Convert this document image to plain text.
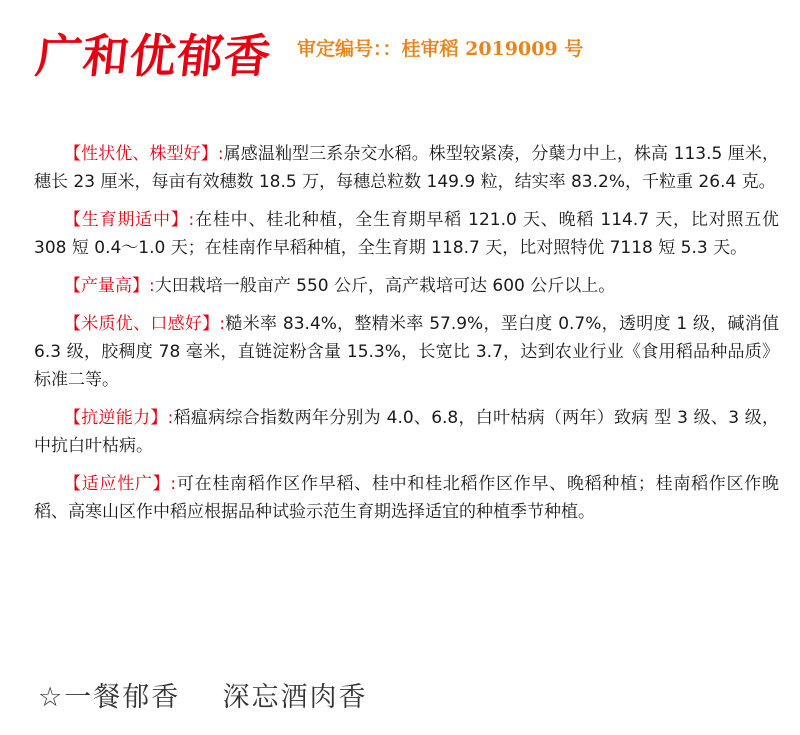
广和优郁香 审定编号：：桂审稻 2019009 号

【性状优、株型好】:属感温籼型三系杂交水稻。株型较紧凑，分蘖力中上，株高 113.5 厘米，穗长 23 厘米，每亩有效穗数 18.5 万，每穗总粒数 149.9 粒，结实率 83.2%，千粒重 26.4 克。

【生育期适中】:在桂中、桂北种植，全生育期早稻 121.0 天、晚稻 114.7 天，比对照五优 308 短 0.4～1.0 天；在桂南作早稻种植，全生育期 118.7 天，比对照特优 7118 短 5.3 天。

【产量高】:大田栽培一般亩产 550 公斤，高产栽培可达 600 公斤以上。

【米质优、口感好】:糙米率 83.4%，整精米率 57.9%，垩白度 0.7%，透明度 1 级，碱消值 6.3 级，胶稠度 78 毫米，直链淀粉含量 15.3%，长宽比 3.7，达到农业行业《食用稻品种品质》标准二等。

【抗逆能力】:稻瘟病综合指数两年分别为 4.0、6.8，白叶枯病（两年）致病 型 3 级、3 级，中抗白叶枯病。

【适应性广】:可在桂南稻作区作早稻、桂中和桂北稻作区作早、晚稻种植；桂南稻作区作晚稻、高寒山区作中稻应根据品种试验示范生育期选择适宜的种植季节种植。

☆一餐郁香    深忘酒肉香
